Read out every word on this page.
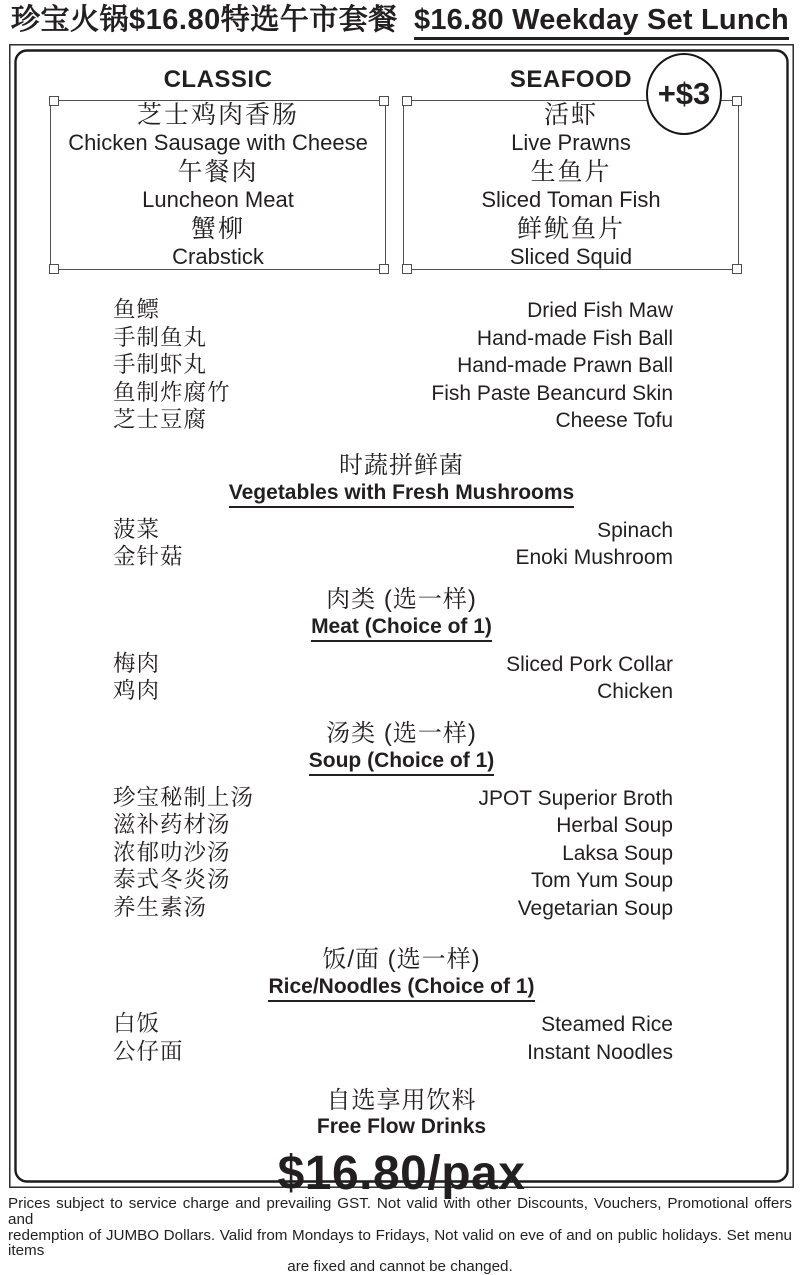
珍宝火锅$16.80特选午市套餐 $16.80 Weekday Set Lunch
CLASSIC	SEAFOOD
芝士鸡肉香肠
Chicken Sausage with Cheese
午餐肉
Luncheon Meat
蟹柳
Crabstick
活虾
Live Prawns
生鱼片
Sliced Toman Fish
鲜鱿鱼片
Sliced Squid
+$3
鱼鳔	Dried Fish Maw
手制鱼丸	Hand-made Fish Ball
手制虾丸	Hand-made Prawn Ball
鱼制炸腐竹	Fish Paste Beancurd Skin
芝士豆腐	Cheese Tofu
时蔬拼鲜菌
Vegetables with Fresh Mushrooms
菠菜	Spinach
金针菇	Enoki Mushroom
肉类 (选一样)
Meat (Choice of 1)
梅肉	Sliced Pork Collar
鸡肉	Chicken
汤类 (选一样)
Soup (Choice of 1)
珍宝秘制上汤	JPOT Superior Broth
滋补药材汤	Herbal Soup
浓郁叻沙汤	Laksa Soup
泰式冬炎汤	Tom Yum Soup
养生素汤	Vegetarian Soup
饭/面 (选一样)
Rice/Noodles (Choice of 1)
白饭	Steamed Rice
公仔面	Instant Noodles
自选享用饮料
Free Flow Drinks
$16.80/pax
Prices subject to service charge and prevailing GST. Not valid with other Discounts, Vouchers, Promotional offers and
redemption of JUMBO Dollars. Valid from Mondays to Fridays, Not valid on eve of and on public holidays. Set menu items
are fixed and cannot be changed.
